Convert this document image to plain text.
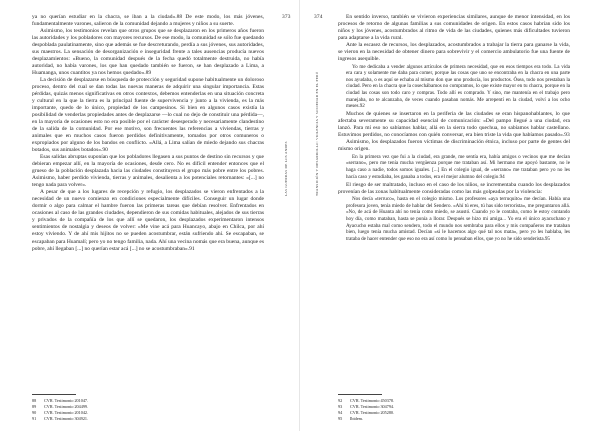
ya no querían estudiar en la chacra, se iban a la ciudad».88 De este modo, los más jóvenes, fundamentalmente varones, salieron de la comunidad dejando a mujeres y niños a su suerte.

Asimismo, los testimonios revelan que otros grupos que se desplazaron en los primeros años fueron las autoridades y los pobladores con mayores recursos. De ese modo, la comunidad se sólo fue quedando despoblada paulatinamente, sino que además se fue descreturando, perdía a sus jóvenes, sus autoridades, sus maestros. La sensación de desorganización e inseguridad frente a tales ausencias producía nuevos desplazamientos: «Bueno, la comunidad después de la fecha quedó totalmente destruida, no había autoridad, no había varones, los que han quedado también se fueron, se han desplazado a Lima, a Huamanga, unos cuantitos ya nos hemos quedado».89

La decisión de desplazarse en búsqueda de protección y seguridad supone habitualmente un doloroso proceso, dentro del cual se dan todas las nuevas maneras de adquirir una singular importancia. Estas pérdidas, quizás menos significativas en otros contextos, debemos entenderlas en una situación concreta y cultural en la que la tierra es la principal fuente de supervivencia y junto a la vivienda, es la más importante, quedo de lo único, propiedad de los campesinos. Si bien en algunos casos existía la posibilidad de venderlas propiedades antes de desplazarse —lo cual no dejo de constituir una pérdida—, en la mayoría de ocasiones esto no era posible por el carácter desesperado y necesariamente clandestino de la salida de la comunidad. Por ese motivo, son frecuentes las referencias a viviendas, tierras y animales que en muchos casos fueron perdidos definitivamente, tomados por otros comuneros o expropiados por alguno de los bandos en conflicto. «Allá, a Lima salían de miedo dejando sus chacras botados, sus animales botados».90

Esas salidas abruptas suponían que los pobladores llegasen a sus puntos de destino sin recursos y que debieran empezar allí, en la mayoría de ocasiones, desde cero. No es difícil entender entonces que el grueso de la población desplazada hacia las ciudades constituyera el grupo más pobre entre los pobres. Asimismo, haber perdido vivienda, tierras y animales, desalienta a los potenciales retornantes: «[...] no tengo nada para volver».

A pesar de que a los lugares de recepción y refugio, los desplazados se vieron enfrentados a la necesidad de un nuevo comienzo en condiciones especialmente difíciles. Conseguir un lugar donde dormir o algo para calmar el hambre fueron las primeras tareas que debían resolver. Enfrentados en ocasiones al caso de las grandes ciudades, dependieron de sus comidas habituales, alejados de sus tierras y privados de la compañía de los que allí se quedaron, los desplazados experimentaron intensos sentimientos de nostalgia y deseos de volver: «Me vine acá para Huancayo, abajo en Chilca, por ahí estoy viviendo. Y de ahí mis hijitos no se pueden acostumbrar, están sufriendo ahí. Se escapaban, se escapaban para Huamalí; pero yo no tengo familia, nada. Ahí una vecina nomás que era buena, aunque es pobre, ahí llegaban [...] no querían estar acá [...] no se acostumbraban».91

373
LAS GUERRAS DE LOS ANDES
88	CVR. Testimonio 201047.
89	CVR. Testimonio 204499.
90	CVR. Testimonio 201042.
91	CVR. Testimonio 304921.
374
TRANSICIÓN Y DESARROLLO: VIOLENCIA Y SOCIEDAD EN EL PERÚ

En sentido inverso, también se vivieron experiencias similares, aunque de menor intensidad, en los procesos de retorno de algunas familias a sus comunidades de origen. En estos casos habrían sido los niños y los jóvenes, acostumbrados al ritmo de vida de las ciudades, quienes más dificultades tuvieron para adaptarse a la vida rural.

Ante la escasez de recursos, los desplazados, acostumbrados a trabajar la tierra para ganarse la vida, se vieron en la necesidad de obtener dinero para sobrevivir y el comercio ambulatorio fue una fuente de ingresos asequible.

Yo me dedicaba a vender algunos artículos de primera necesidad, que en esos tiempos era todo. La vida era cara y solamente me daba para comer, porque las cosas que uno se encontraba en la chacra en una parte nos ayudaba, o es aquí se echaba al mismo don que uno producía, los productos. Ósea, todo nos prestaban la ciudad. Pero en la chacra que la cosechábamos no compramos, lo que existe mayor en tu chacra, porque en la ciudad las cosas son todo caro y compras. Todo allí es comprado. Y sino, me mantenía en el trabajo pero manejaba, no te alcanzaba, de veces cuando pasaban nomás. Me arrepentí en la ciudad, volví a los ocho meses.92

Muchos de quienes se insertaron en la periferia de las ciudades se eran hispanohablantes, lo que afectaba severamente su capacidad esencial de comunicación: «Del pampo llegué a una ciudad, era lanzó. Para mí eso no sabíamos hablar, allá en la sierra todo quechua, no sabíamos hablar castellano. Estuvimos perdidos, no conocíamos con quién conversar, era bien triste la vida que habíamos pasado».93

Asimismo, los desplazados fueron víctimas de discriminación étnica, incluso por parte de gentes del mismo origen.

En la primera vez que fui a la ciudad, era grande, me sentía era, había amigos o vecinos que me decían «serrano», pero me tenía mucha vergüenza porque me trataban así. Mi hermano me apoyó bastante, no le haga caso a nadie, todos somos iguales. [...] En el colegio igual, de «serrano» me trataban pero yo no les hacía caso y estudiaba, les ganaba a todos, era el mejor alumno del colegio.94

El riesgo de ser maltratado, incluso en el caso de los niños, se incrementaba cuando los desplazados provenían de las zonas habitualmente consideradas como las más golpeadas por la violencia:

Nos decía «terruco», hasta en el colegio mismo. Los profesores «aya terruquito» me decían. Había una profesora joven, tenía miedo de hablar del Sendero. «Ahí tú eres, tú has sido terrorista», me preguntaron allá. «No, de acá de Huanta ahí no tenía como miedo, se asustó. Cuando yo le contaba, como le estoy contando hoy día, como mataban, hasta se ponía a llorar. Después se hizo mi amiga... Yo era el único ayacuchano y Ayacucho estaba mal como sendero, todo el mundo nos sembraba para ellos y mis compañeros me trataban bien, luego tenía mucha amistad. Decían «si le hacemos algo qué tal nos mata», pero yo les hablaba, les trataba de hacer entender que eso no era así como lo pensaban ellos, que yo no he sido senderista.95

92	CVR. Testimonio 450378.
93	CVR. Testimonio 304794.
94	CVR. Testimonio 205280.
95	Ibidem.
